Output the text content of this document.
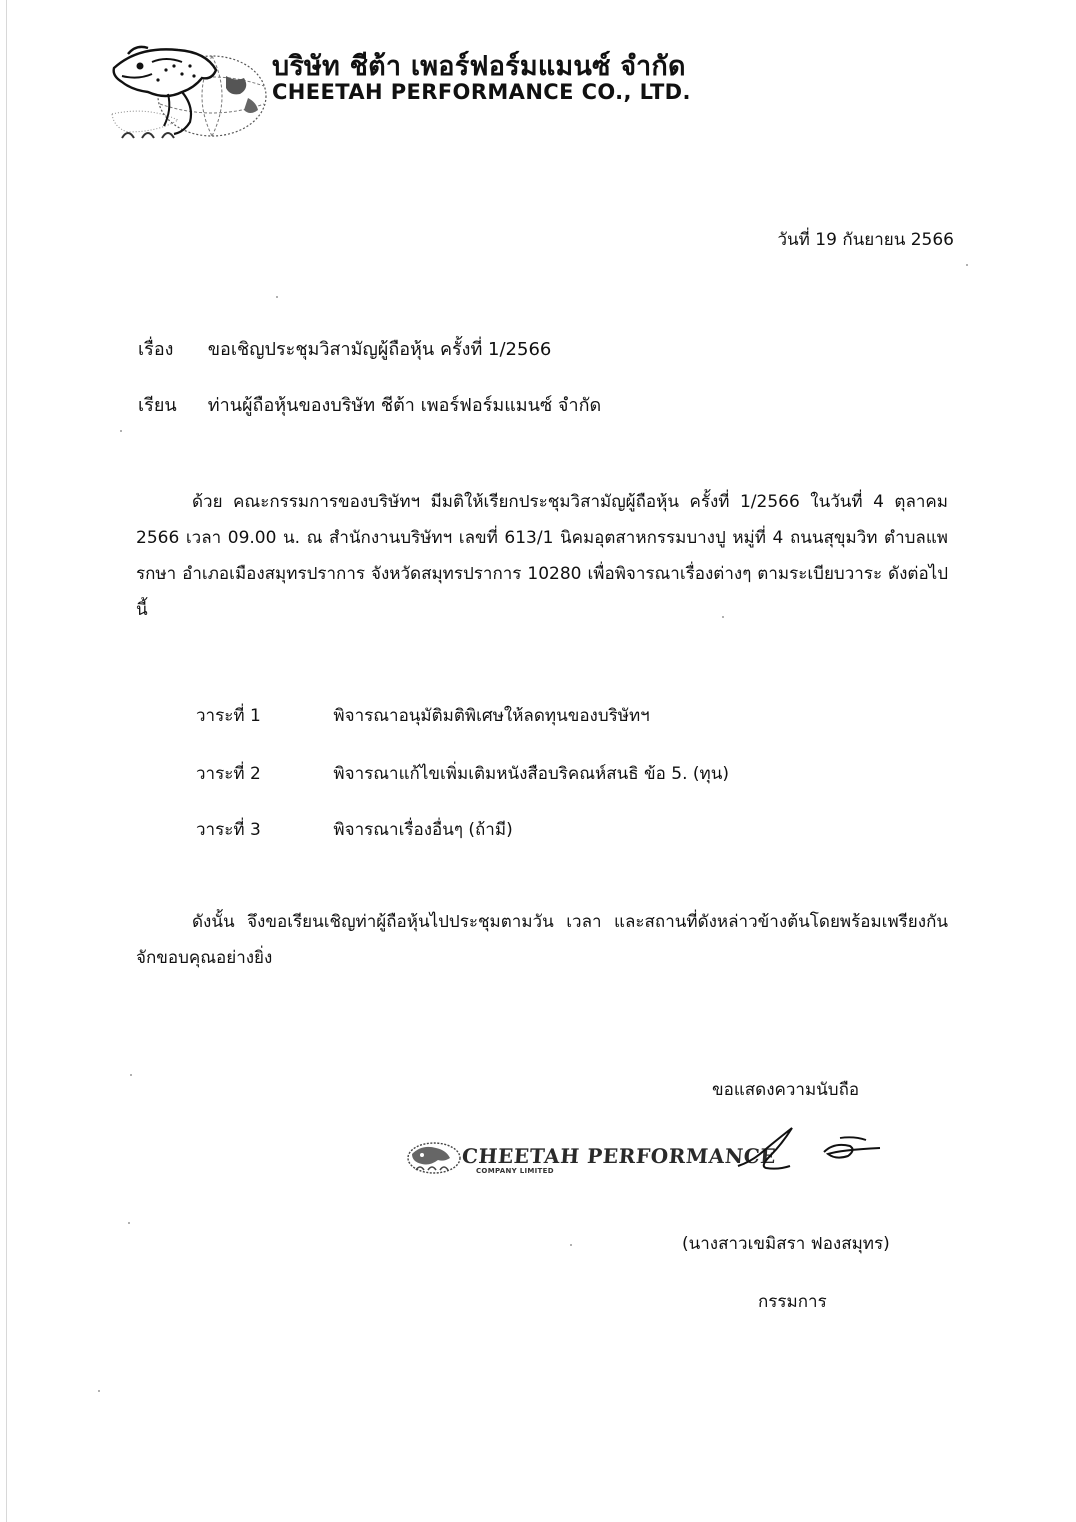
บริษัท ชีต้า เพอร์ฟอร์มแมนซ์ จำกัด
CHEETAH PERFORMANCE CO., LTD.
วันที่ 19 กันยายน 2566
เรื่อง ขอเชิญประชุมวิสามัญผู้ถือหุ้น ครั้งที่ 1/2566
เรียน ท่านผู้ถือหุ้นของบริษัท ชีต้า เพอร์ฟอร์มแมนซ์ จำกัด
ด้วย คณะกรรมการของบริษัทฯ มีมติให้เรียกประชุมวิสามัญผู้ถือหุ้น ครั้งที่ 1/2566 ในวันที่ 4 ตุลาคม 2566 เวลา 09.00 น. ณ สำนักงานบริษัทฯ เลขที่ 613/1 นิคมอุตสาหกรรมบางปู หมู่ที่ 4 ถนนสุขุมวิท ตำบลแพรกษา อำเภอเมืองสมุทรปราการ จังหวัดสมุทรปราการ 10280 เพื่อพิจารณาเรื่องต่างๆ ตามระเบียบวาระ ดังต่อไปนี้
วาระที่ 1	พิจารณาอนุมัติมติพิเศษให้ลดทุนของบริษัทฯ
วาระที่ 2	พิจารณาแก้ไขเพิ่มเติมหนังสือบริคณห์สนธิ ข้อ 5. (ทุน)
วาระที่ 3	พิจารณาเรื่องอื่นๆ (ถ้ามี)
ดังนั้น จึงขอเรียนเชิญท่าผู้ถือหุ้นไปประชุมตามวัน เวลา และสถานที่ดังหล่าวข้างต้นโดยพร้อมเพรียงกัน จักขอบคุณอย่างยิ่ง
ขอแสดงความนับถือ
CHEETAH PERFORMANCE
COMPANY LIMITED
(นางสาวเขมิสรา ฟองสมุทร)
กรรมการ
